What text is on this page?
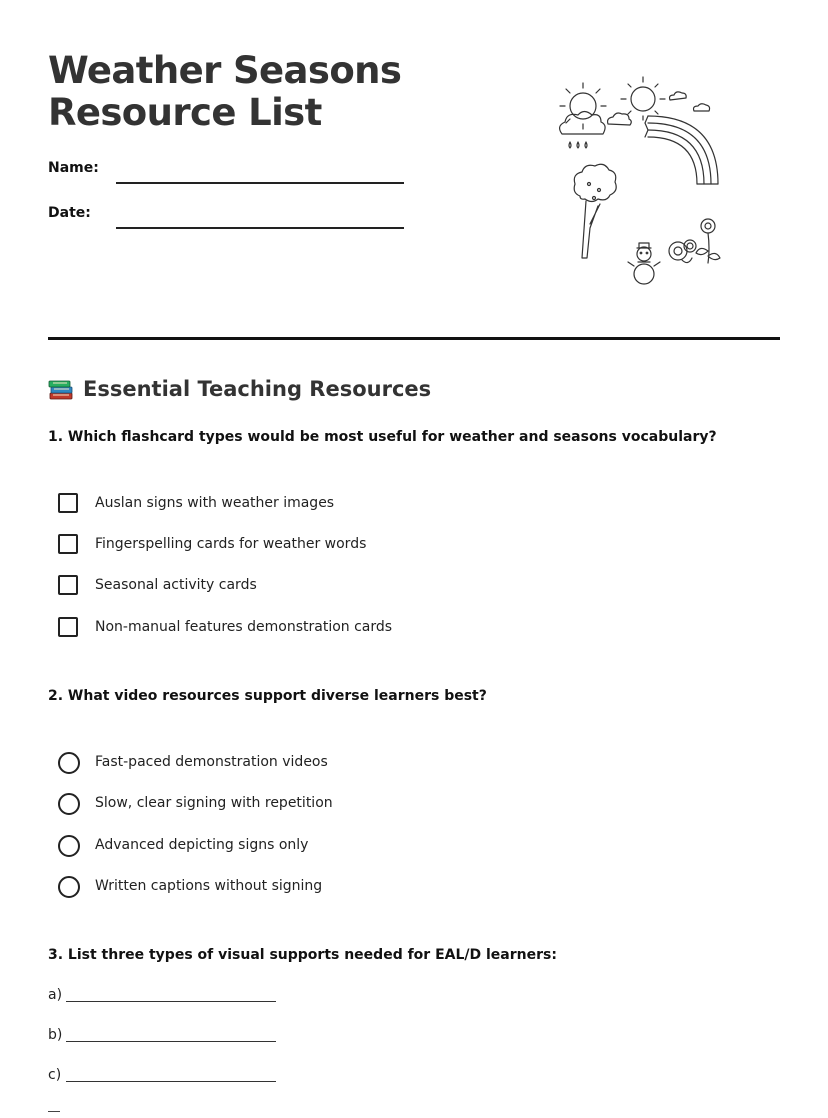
Weather Seasons
Resource List
Name:
Date:
Essential Teaching Resources
1. Which flashcard types would be most useful for weather and seasons vocabulary?
Auslan signs with weather images
Fingerspelling cards for weather words
Seasonal activity cards
Non-manual features demonstration cards
2. What video resources support diverse learners best?
Fast-paced demonstration videos
Slow, clear signing with repetition
Advanced depicting signs only
Written captions without signing
3. List three types of visual supports needed for EAL/D learners:
a)
b)
c)
